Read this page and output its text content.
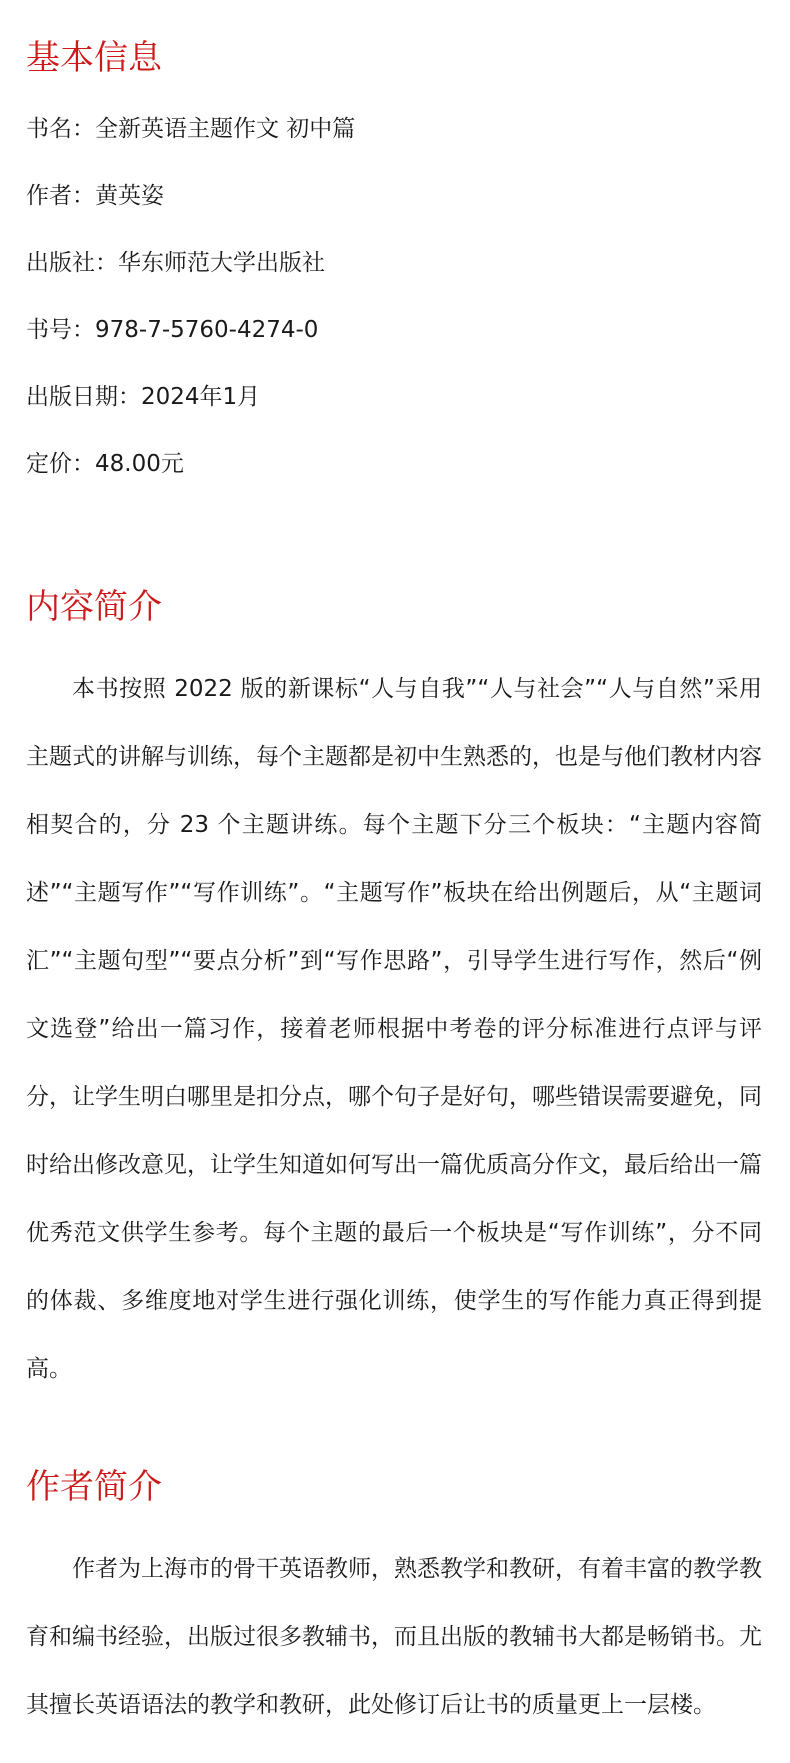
基本信息

书名：全新英语主题作文 初中篇

作者：黄英姿

出版社：华东师范大学出版社

书号：978-7-5760-4274-0

出版日期：2024年1月

定价：48.00元

内容简介

本书按照 2022 版的新课标“人与自我”“人与社会”“人与自然”采用主题式的讲解与训练，每个主题都是初中生熟悉的，也是与他们教材内容相契合的，分 23 个主题讲练。每个主题下分三个板块：“主题内容简述”“主题写作”“写作训练”。“主题写作”板块在给出例题后，从“主题词汇”“主题句型”“要点分析”到“写作思路”，引导学生进行写作，然后“例文选登”给出一篇习作，接着老师根据中考卷的评分标准进行点评与评分，让学生明白哪里是扣分点，哪个句子是好句，哪些错误需要避免，同时给出修改意见，让学生知道如何写出一篇优质高分作文，最后给出一篇优秀范文供学生参考。每个主题的最后一个板块是“写作训练”，分不同的体裁、多维度地对学生进行强化训练，使学生的写作能力真正得到提高。

作者简介

作者为上海市的骨干英语教师，熟悉教学和教研，有着丰富的教学教育和编书经验，出版过很多教辅书，而且出版的教辅书大都是畅销书。尤其擅长英语语法的教学和教研，此处修订后让书的质量更上一层楼。
